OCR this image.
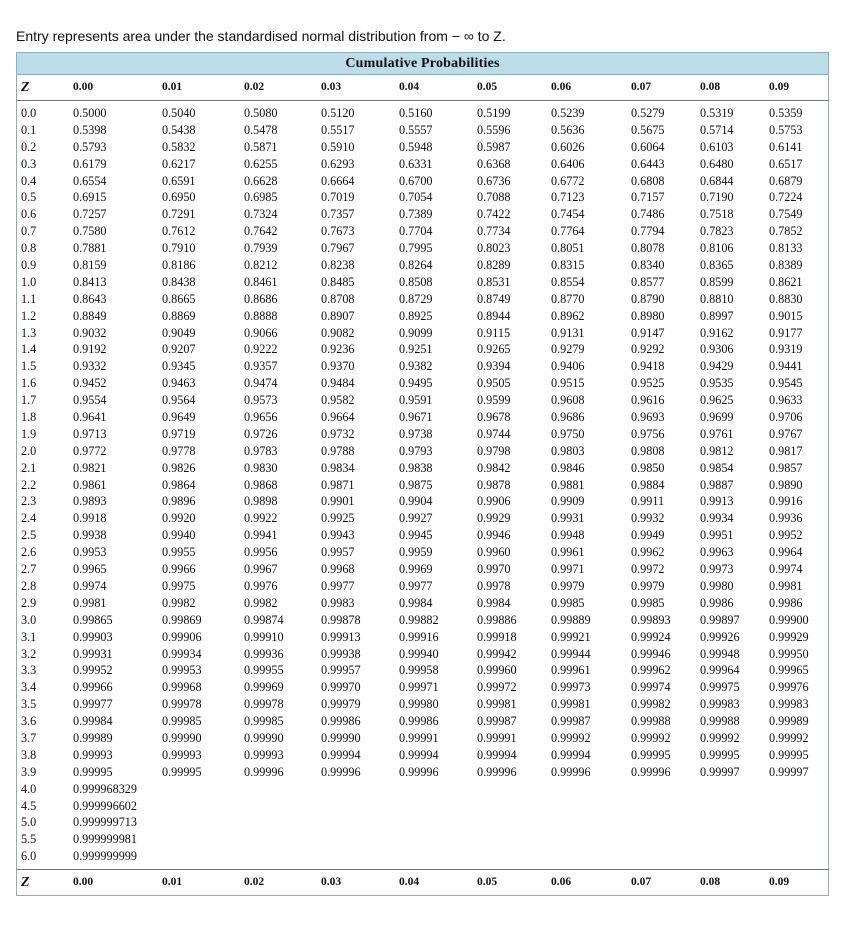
Entry represents area under the standardised normal distribution from − ∞ to Z.
Cumulative Probabilities
Z	0.00	0.01	0.02	0.03	0.04	0.05	0.06	0.07	0.08	0.09
0.0	0.5000	0.5040	0.5080	0.5120	0.5160	0.5199	0.5239	0.5279	0.5319	0.5359
0.1	0.5398	0.5438	0.5478	0.5517	0.5557	0.5596	0.5636	0.5675	0.5714	0.5753
0.2	0.5793	0.5832	0.5871	0.5910	0.5948	0.5987	0.6026	0.6064	0.6103	0.6141
0.3	0.6179	0.6217	0.6255	0.6293	0.6331	0.6368	0.6406	0.6443	0.6480	0.6517
0.4	0.6554	0.6591	0.6628	0.6664	0.6700	0.6736	0.6772	0.6808	0.6844	0.6879
0.5	0.6915	0.6950	0.6985	0.7019	0.7054	0.7088	0.7123	0.7157	0.7190	0.7224
0.6	0.7257	0.7291	0.7324	0.7357	0.7389	0.7422	0.7454	0.7486	0.7518	0.7549
0.7	0.7580	0.7612	0.7642	0.7673	0.7704	0.7734	0.7764	0.7794	0.7823	0.7852
0.8	0.7881	0.7910	0.7939	0.7967	0.7995	0.8023	0.8051	0.8078	0.8106	0.8133
0.9	0.8159	0.8186	0.8212	0.8238	0.8264	0.8289	0.8315	0.8340	0.8365	0.8389
1.0	0.8413	0.8438	0.8461	0.8485	0.8508	0.8531	0.8554	0.8577	0.8599	0.8621
1.1	0.8643	0.8665	0.8686	0.8708	0.8729	0.8749	0.8770	0.8790	0.8810	0.8830
1.2	0.8849	0.8869	0.8888	0.8907	0.8925	0.8944	0.8962	0.8980	0.8997	0.9015
1.3	0.9032	0.9049	0.9066	0.9082	0.9099	0.9115	0.9131	0.9147	0.9162	0.9177
1.4	0.9192	0.9207	0.9222	0.9236	0.9251	0.9265	0.9279	0.9292	0.9306	0.9319
1.5	0.9332	0.9345	0.9357	0.9370	0.9382	0.9394	0.9406	0.9418	0.9429	0.9441
1.6	0.9452	0.9463	0.9474	0.9484	0.9495	0.9505	0.9515	0.9525	0.9535	0.9545
1.7	0.9554	0.9564	0.9573	0.9582	0.9591	0.9599	0.9608	0.9616	0.9625	0.9633
1.8	0.9641	0.9649	0.9656	0.9664	0.9671	0.9678	0.9686	0.9693	0.9699	0.9706
1.9	0.9713	0.9719	0.9726	0.9732	0.9738	0.9744	0.9750	0.9756	0.9761	0.9767
2.0	0.9772	0.9778	0.9783	0.9788	0.9793	0.9798	0.9803	0.9808	0.9812	0.9817
2.1	0.9821	0.9826	0.9830	0.9834	0.9838	0.9842	0.9846	0.9850	0.9854	0.9857
2.2	0.9861	0.9864	0.9868	0.9871	0.9875	0.9878	0.9881	0.9884	0.9887	0.9890
2.3	0.9893	0.9896	0.9898	0.9901	0.9904	0.9906	0.9909	0.9911	0.9913	0.9916
2.4	0.9918	0.9920	0.9922	0.9925	0.9927	0.9929	0.9931	0.9932	0.9934	0.9936
2.5	0.9938	0.9940	0.9941	0.9943	0.9945	0.9946	0.9948	0.9949	0.9951	0.9952
2.6	0.9953	0.9955	0.9956	0.9957	0.9959	0.9960	0.9961	0.9962	0.9963	0.9964
2.7	0.9965	0.9966	0.9967	0.9968	0.9969	0.9970	0.9971	0.9972	0.9973	0.9974
2.8	0.9974	0.9975	0.9976	0.9977	0.9977	0.9978	0.9979	0.9979	0.9980	0.9981
2.9	0.9981	0.9982	0.9982	0.9983	0.9984	0.9984	0.9985	0.9985	0.9986	0.9986
3.0	0.99865	0.99869	0.99874	0.99878	0.99882	0.99886	0.99889	0.99893 0.99897 0.99900
3.1	0.99903	0.99906	0.99910	0.99913	0.99916	0.99918	0.99921	0.99924 0.99926 0.99929
3.2	0.99931	0.99934	0.99936	0.99938	0.99940	0.99942	0.99944	0.99946 0.99948 0.99950
3.3	0.99952	0.99953	0.99955	0.99957	0.99958	0.99960	0.99961	0.99962 0.99964 0.99965
3.4	0.99966	0.99968	0.99969	0.99970	0.99971	0.99972	0.99973	0.99974 0.99975 0.99976
3.5	0.99977	0.99978	0.99978	0.99979	0.99980	0.99981	0.99981	0.99982 0.99983 0.99983
3.6	0.99984	0.99985	0.99985	0.99986	0.99986	0.99987	0.99987	0.99988 0.99988 0.99989
3.7	0.99989	0.99990	0.99990	0.99990	0.99991	0.99991	0.99992	0.99992 0.99992 0.99992
3.8	0.99993	0.99993	0.99993	0.99994	0.99994	0.99994	0.99994	0.99995 0.99995 0.99995
3.9	0.99995	0.99995	0.99996	0.99996	0.99996	0.99996	0.99996	0.99996 0.99997 0.99997
4.0	0.999968329
4.5	0.999996602
5.0	0.999999713
5.5	0.999999981
6.0	0.999999999
Z	0.00	0.01	0.02	0.03	0.04	0.05	0.06	0.07	0.08	0.09
